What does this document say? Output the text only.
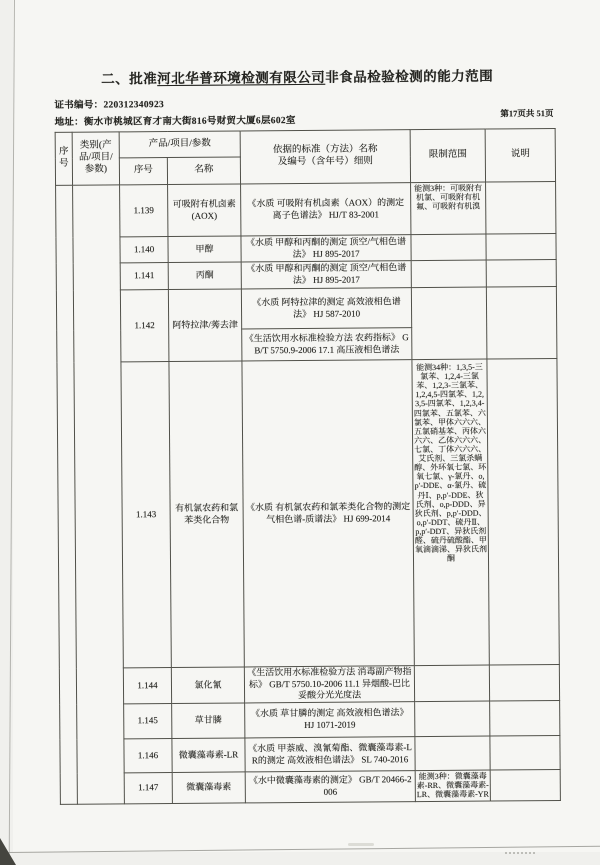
二、批准河北华普环境检测有限公司非食品检验检测的能力范围
证书编号：220312340923
地址：衡水市桃城区育才南大街816号财贸大厦6层602室
第17页共 51页
序号	类别(产品/项目/参数)	产品/项目/参数		依据的标准（方法）名称
及编号（含年号）细则	限制范围	说明
		序号	名称			
		1.139	可吸附有机卤素
(AOX)	《水质 可吸附有机卤素（AOX）的测定 离子色谱法》 HJ/T 83-2001	能测3种：可吸附有机氯、可吸附有机氟、可吸附有机溴	
		1.140	甲醇	《水质 甲醇和丙酮的测定 顶空/气相色谱法》 HJ 895-2017		
		1.141	丙酮	《水质 甲醇和丙酮的测定 顶空/气相色谱法》 HJ 895-2017		
		1.142	阿特拉津/莠去津	《水质 阿特拉津的测定 高效液相色谱法》 HJ 587-2010		
				《生活饮用水标准检验方法 农药指标》 GB/T 5750.9-2006 17.1 高压液相色谱法		
		1.143	有机氯农药和氯苯类化合物	《水质 有机氯农药和氯苯类化合物的测定 气相色谱-质谱法》 HJ 699-2014	能测34种：1,3,5-三氯苯、1,2,4-三氯苯、1,2,3-三氯苯、1,2,4,5-四氯苯、1,2,3,5-四氯苯、1,2,3,4-四氯苯、五氯苯、六氯苯、甲体六六六、五氯硝基苯、丙体六六六、乙体六六六、七氯、丁体六六六、艾氏剂、三氯杀螨醇、外环氧七氯、环氧七氯、γ-氯丹、o,p′-DDE、α-氯丹、硫丹Ⅰ、p,p′-DDE、狄氏剂、o,p-DDD、异狄氏剂、p,p′-DDD、o,p′-DDT、硫丹Ⅱ、p,p′-DDT、异狄氏剂醛、硫丹硫酸酯、甲氧滴滴涕、异狄氏剂酮	

		1.144	氯化氰	《生活饮用水标准检验方法 消毒副产物指标》 GB/T 5750.10-2006 11.1 异烟酸-巴比妥酸分光光度法		
		1.145	草甘膦	《水质 草甘膦的测定 高效液相色谱法》 HJ 1071-2019		
		1.146	微囊藻毒素-LR	《水质 甲萘威、溴氰菊酯、微囊藻毒素-LR的测定 高效液相色谱法》 SL 740-2016		
		1.147	微囊藻毒素	《水中微囊藻毒素的测定》 GB/T 20466-2006	能测3种：微囊藻毒素-RR、微囊藻毒素-LR、微囊藻毒素-YR	
